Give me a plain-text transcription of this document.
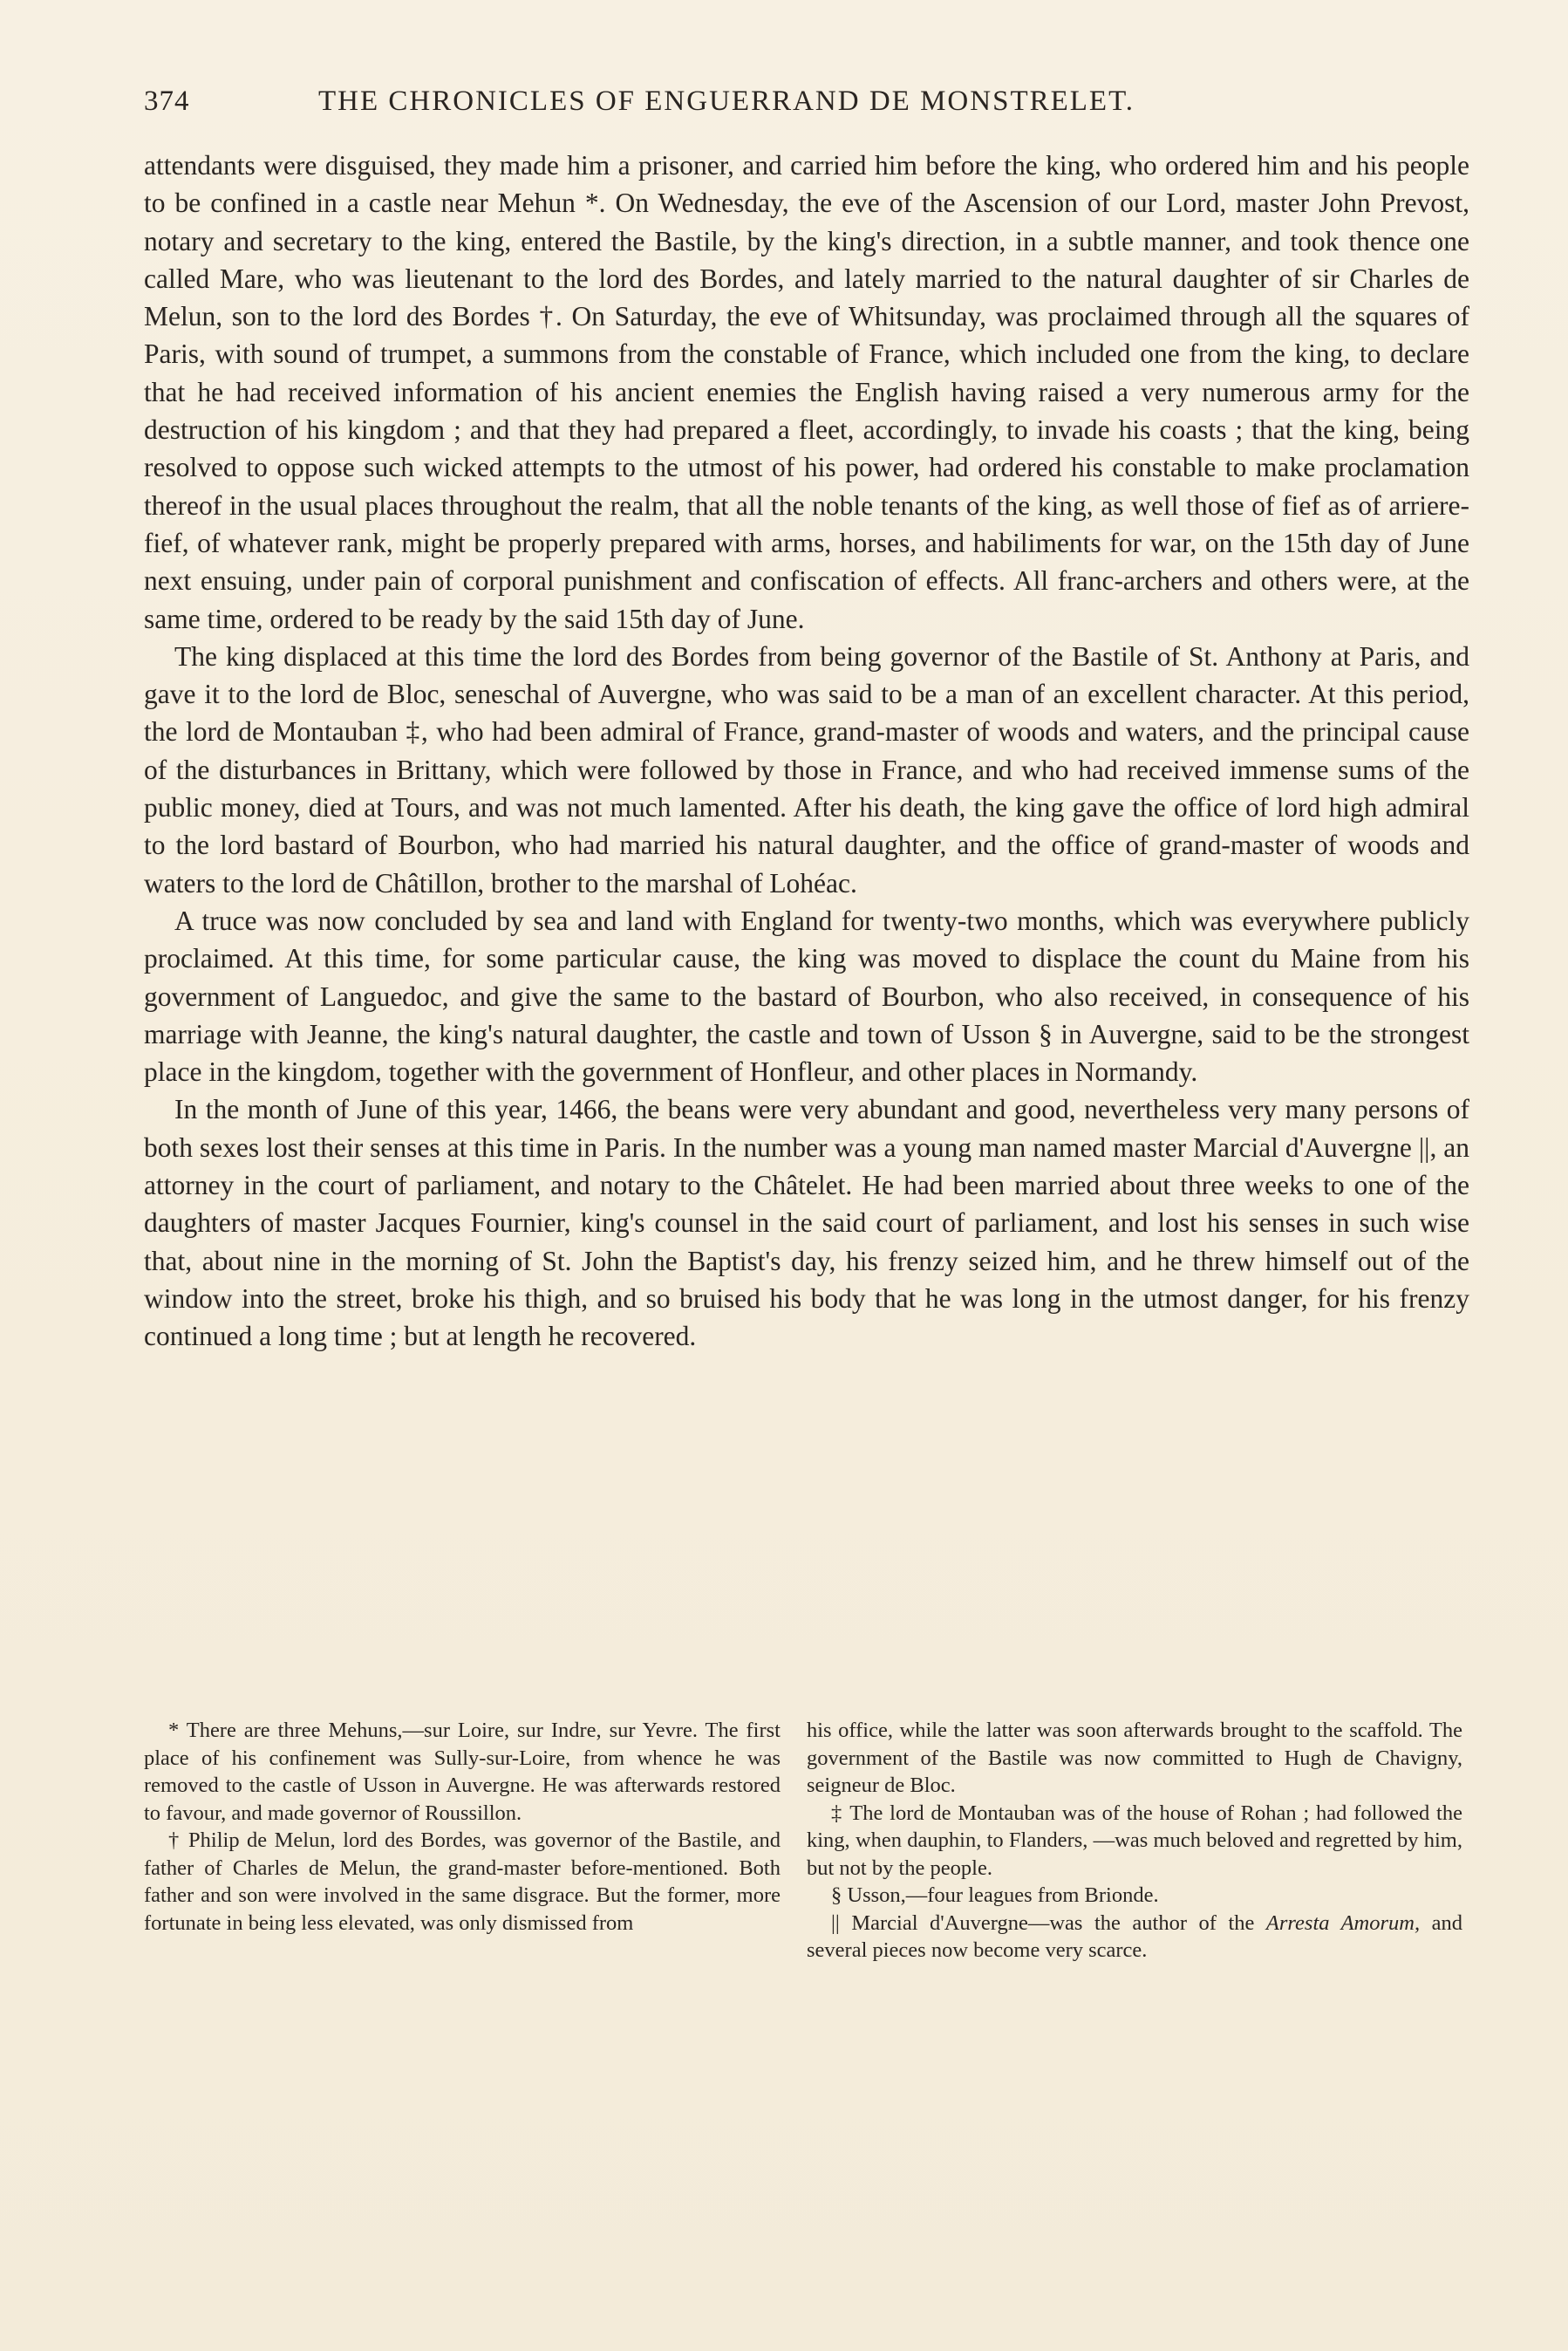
374	THE CHRONICLES OF ENGUERRAND DE MONSTRELET.

attendants were disguised, they made him a prisoner, and carried him before the king, who ordered him and his people to be confined in a castle near Mehun *. On Wednesday, the eve of the Ascension of our Lord, master John Prevost, notary and secretary to the king, entered the Bastile, by the king's direction, in a subtle manner, and took thence one called Mare, who was lieutenant to the lord des Bordes, and lately married to the natural daughter of sir Charles de Melun, son to the lord des Bordes †. On Saturday, the eve of Whitsunday, was proclaimed through all the squares of Paris, with sound of trumpet, a summons from the constable of France, which included one from the king, to declare that he had received information of his ancient enemies the English having raised a very numerous army for the destruction of his kingdom ; and that they had prepared a fleet, accordingly, to invade his coasts ; that the king, being resolved to oppose such wicked attempts to the utmost of his power, had ordered his constable to make proclamation thereof in the usual places throughout the realm, that all the noble tenants of the king, as well those of fief as of arriere-fief, of whatever rank, might be properly prepared with arms, horses, and habiliments for war, on the 15th day of June next ensuing, under pain of corporal punishment and confiscation of effects. All franc-archers and others were, at the same time, ordered to be ready by the said 15th day of June.

The king displaced at this time the lord des Bordes from being governor of the Bastile of St. Anthony at Paris, and gave it to the lord de Bloc, seneschal of Auvergne, who was said to be a man of an excellent character. At this period, the lord de Montauban ‡, who had been admiral of France, grand-master of woods and waters, and the principal cause of the disturbances in Brittany, which were followed by those in France, and who had received immense sums of the public money, died at Tours, and was not much lamented. After his death, the king gave the office of lord high admiral to the lord bastard of Bourbon, who had married his natural daughter, and the office of grand-master of woods and waters to the lord de Châtillon, brother to the marshal of Lohéac.

A truce was now concluded by sea and land with England for twenty-two months, which was everywhere publicly proclaimed. At this time, for some particular cause, the king was moved to displace the count du Maine from his government of Languedoc, and give the same to the bastard of Bourbon, who also received, in consequence of his marriage with Jeanne, the king's natural daughter, the castle and town of Usson § in Auvergne, said to be the strongest place in the kingdom, together with the government of Honfleur, and other places in Normandy.

In the month of June of this year, 1466, the beans were very abundant and good, nevertheless very many persons of both sexes lost their senses at this time in Paris. In the number was a young man named master Marcial d'Auvergne ||, an attorney in the court of parliament, and notary to the Châtelet. He had been married about three weeks to one of the daughters of master Jacques Fournier, king's counsel in the said court of parliament, and lost his senses in such wise that, about nine in the morning of St. John the Baptist's day, his frenzy seized him, and he threw himself out of the window into the street, broke his thigh, and so bruised his body that he was long in the utmost danger, for his frenzy continued a long time ; but at length he recovered.

* There are three Mehuns,—sur Loire, sur Indre, sur Yevre. The first place of his confinement was Sully-sur-Loire, from whence he was removed to the castle of Usson in Auvergne. He was afterwards restored to favour, and made governor of Roussillon.

† Philip de Melun, lord des Bordes, was governor of the Bastile, and father of Charles de Melun, the grand-master before-mentioned. Both father and son were involved in the same disgrace. But the former, more fortunate in being less elevated, was only dismissed from

his office, while the latter was soon afterwards brought to the scaffold. The government of the Bastile was now committed to Hugh de Chavigny, seigneur de Bloc.

‡ The lord de Montauban was of the house of Rohan ; had followed the king, when dauphin, to Flanders, —was much beloved and regretted by him, but not by the people.

§ Usson,—four leagues from Brionde.

|| Marcial d'Auvergne—was the author of the Arresta Amorum, and several pieces now become very scarce.
